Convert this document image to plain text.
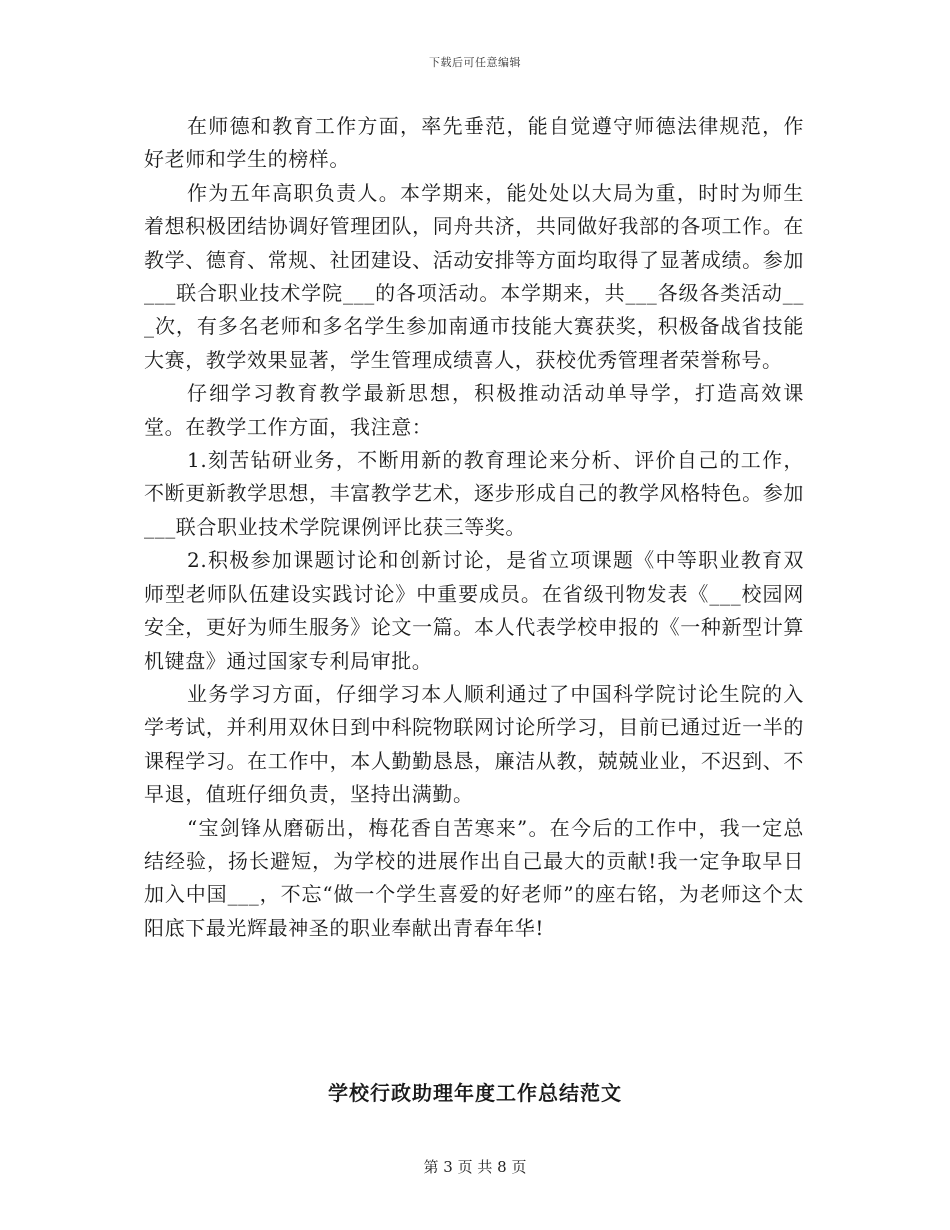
下载后可任意编辑

在师德和教育工作方面，率先垂范，能自觉遵守师德法律规范，作好老师和学生的榜样。

作为五年高职负责人。本学期来，能处处以大局为重，时时为师生着想积极团结协调好管理团队，同舟共济，共同做好我部的各项工作。在教学、德育、常规、社团建设、活动安排等方面均取得了显著成绩。参加___联合职业技术学院___的各项活动。本学期来，共___各级各类活动___次，有多名老师和多名学生参加南通市技能大赛获奖，积极备战省技能大赛，教学效果显著，学生管理成绩喜人，获校优秀管理者荣誉称号。

仔细学习教育教学最新思想，积极推动活动单导学，打造高效课堂。在教学工作方面，我注意：

1.刻苦钻研业务，不断用新的教育理论来分析、评价自己的工作，不断更新教学思想，丰富教学艺术，逐步形成自己的教学风格特色。参加___联合职业技术学院课例评比获三等奖。

2.积极参加课题讨论和创新讨论，是省立项课题《中等职业教育双师型老师队伍建设实践讨论》中重要成员。在省级刊物发表《___校园网安全，更好为师生服务》论文一篇。本人代表学校申报的《一种新型计算机键盘》通过国家专利局审批。

业务学习方面，仔细学习本人顺利通过了中国科学院讨论生院的入学考试，并利用双休日到中科院物联网讨论所学习，目前已通过近一半的课程学习。在工作中，本人勤勤恳恳，廉洁从教，兢兢业业，不迟到、不早退，值班仔细负责，坚持出满勤。

“宝剑锋从磨砺出，梅花香自苦寒来”。在今后的工作中，我一定总结经验，扬长避短，为学校的进展作出自己最大的贡献!我一定争取早日加入中国___，不忘“做一个学生喜爱的好老师”的座右铭，为老师这个太阳底下最光辉最神圣的职业奉献出青春年华!

学校行政助理年度工作总结范文
第 3 页 共 8 页
